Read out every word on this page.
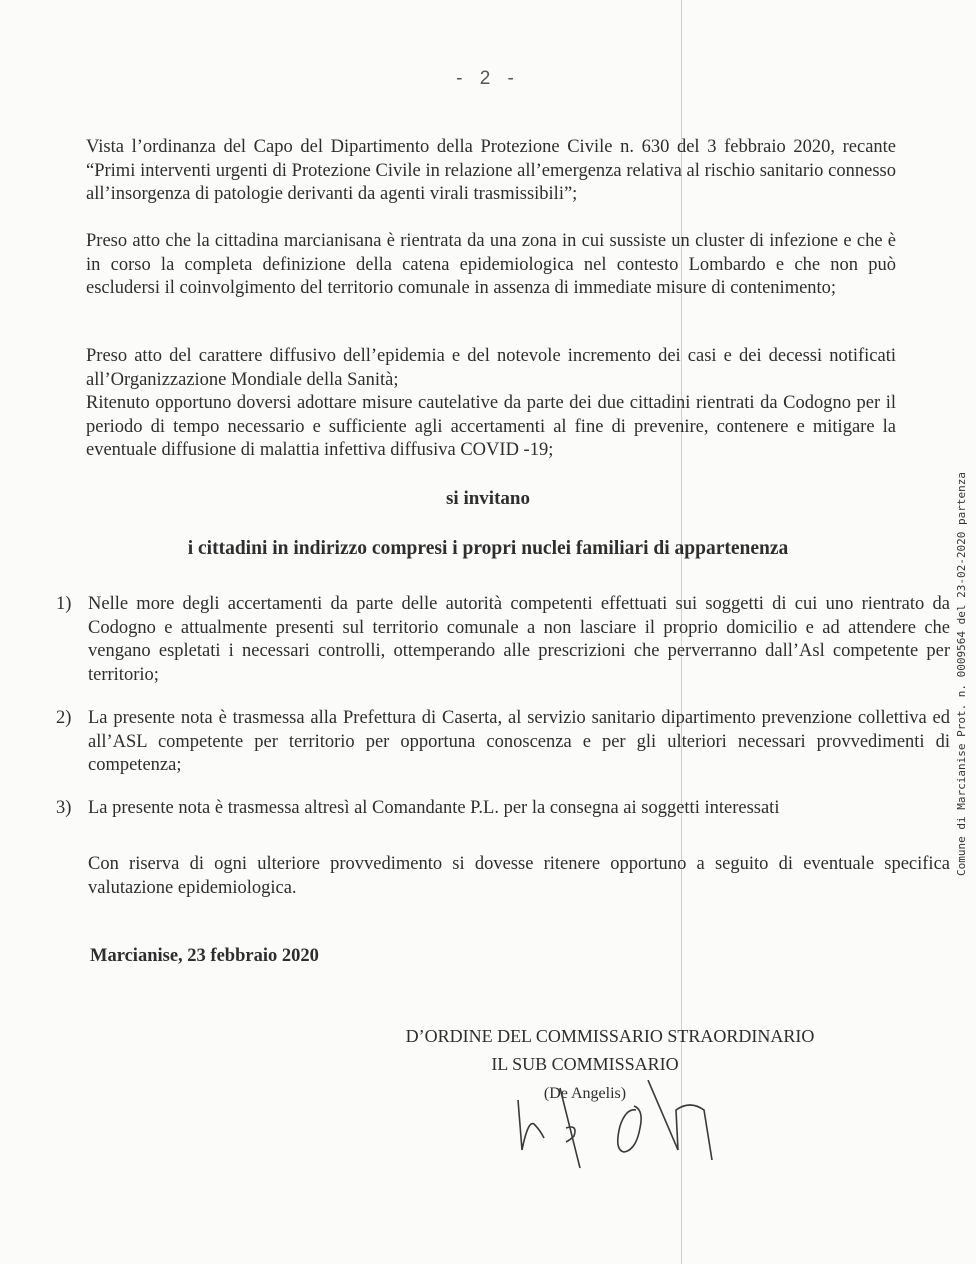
- 2 -

Vista l’ordinanza del Capo del Dipartimento della Protezione Civile n. 630 del 3 febbraio 2020, recante “Primi interventi urgenti di Protezione Civile in relazione all’emergenza relativa al rischio sanitario connesso all’insorgenza di patologie derivanti da agenti virali trasmissibili”;

Preso atto che la cittadina marcianisana è rientrata da una zona in cui sussiste un cluster di infezione e che è in corso la completa definizione della catena epidemiologica nel contesto Lombardo e che non può escludersi il coinvolgimento del territorio comunale in assenza di immediate misure di contenimento;

Preso atto del carattere diffusivo dell’epidemia e del notevole incremento dei casi e dei decessi notificati all’Organizzazione Mondiale della Sanità;

Ritenuto opportuno doversi adottare misure cautelative da parte dei due cittadini rientrati da Codogno per il periodo di tempo necessario e sufficiente agli accertamenti al fine di prevenire, contenere e mitigare la eventuale diffusione di malattia infettiva diffusiva COVID -19;

si invitano
i cittadini in indirizzo compresi i propri nuclei familiari di appartenenza
1) Nelle more degli accertamenti da parte delle autorità competenti effettuati sui soggetti di cui uno rientrato da Codogno e attualmente presenti sul territorio comunale a non lasciare il proprio domicilio e ad attendere che vengano espletati i necessari controlli, ottemperando alle prescrizioni che perverranno dall’Asl competente per territorio;
2) La presente nota è trasmessa alla Prefettura di Caserta, al servizio sanitario dipartimento prevenzione collettiva ed all’ASL competente per territorio per opportuna conoscenza e per gli ulteriori necessari provvedimenti di competenza;
3) La presente nota è trasmessa altresì al Comandante P.L. per la consegna ai soggetti interessati
Con riserva di ogni ulteriore provvedimento si dovesse ritenere opportuno a seguito di eventuale specifica valutazione epidemiologica.
Marcianise, 23 febbraio 2020
D’ORDINE DEL COMMISSARIO STRAORDINARIO
IL SUB COMMISSARIO
(De Angelis)
Comune di Marcianise Prot. n. 0009564 del 23-02-2020 partenza
